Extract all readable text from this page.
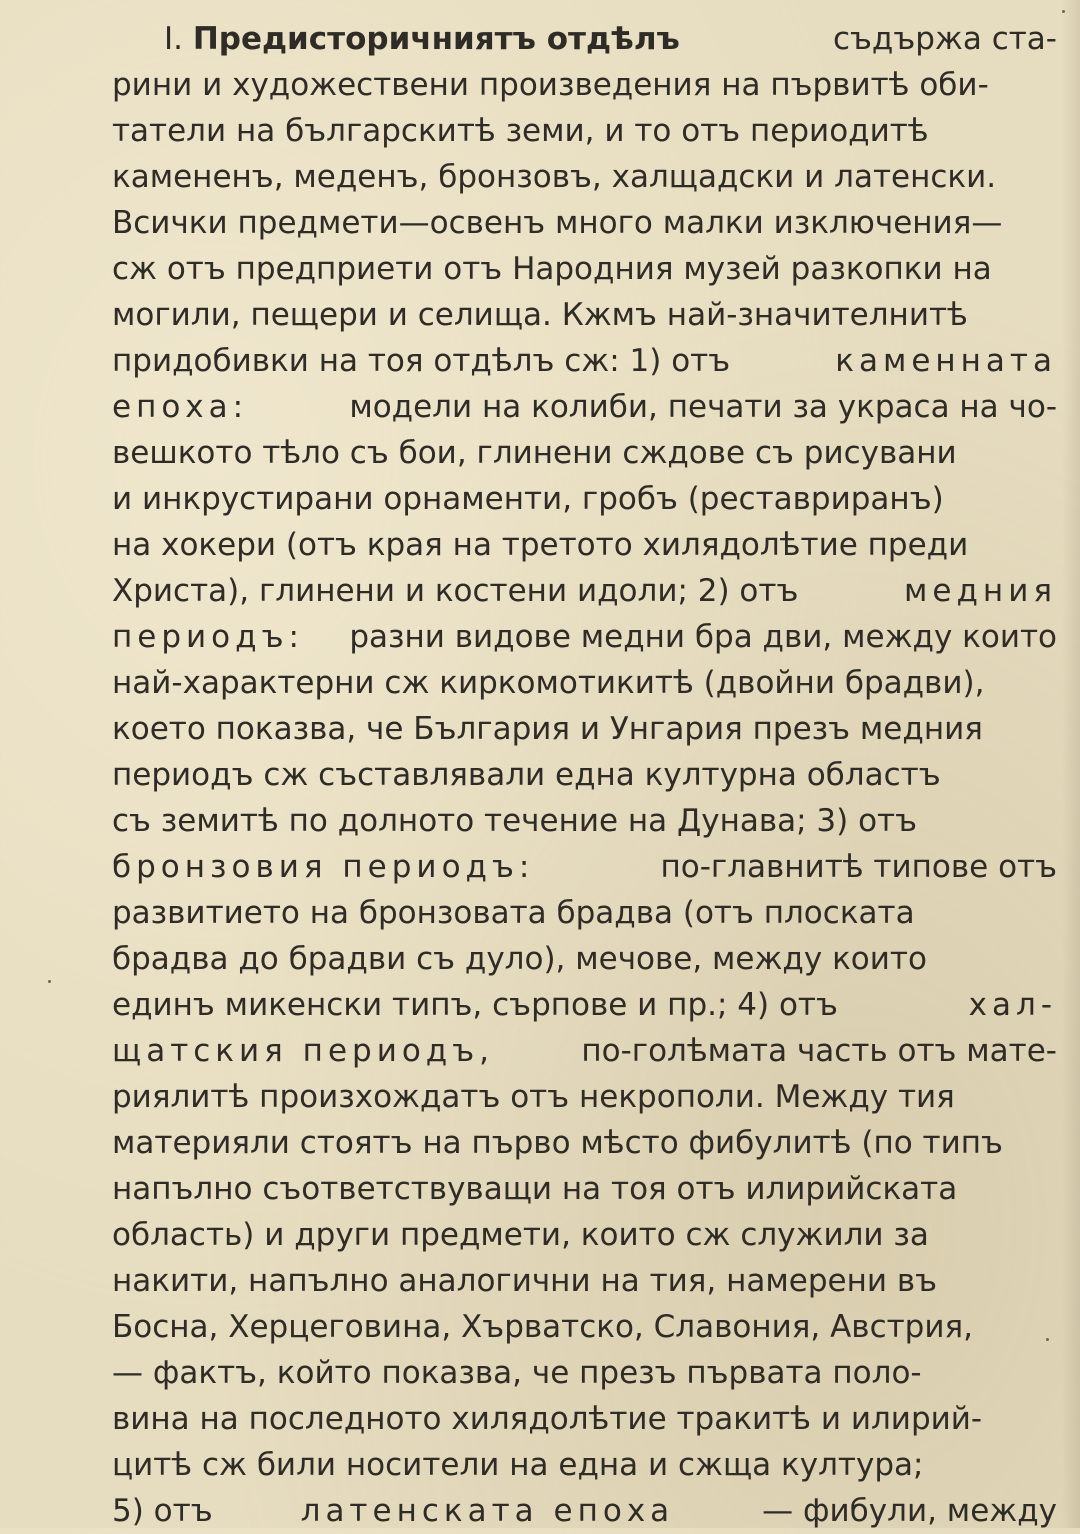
I. Предисторичниятъ отдѣлъ	съдържа ста-
рини и художествени произведения на първитѣ оби-
татели на българскитѣ земи, и то отъ периодитѣ
камененъ, меденъ, бронзовъ, халщадски и латенски.
Всички предмети—освенъ много малки изключения—
сж отъ предприети отъ Народния музей разкопки на
могили, пещери и селища. Кжмъ най-значителнитѣ
придобивки на тоя отдѣлъ сж: 1) отъ	каменната
епоха:	модели на колиби, печати за украса на чо-
вешкото тѣло съ бои, глинени сждове съ рисувани
и инкрустирани орнаменти, гробъ (реставриранъ)
на хокери (отъ края на третото хилядолѣтие преди
Христа), глинени и костени идоли; 2) отъ	медния
периодъ: разни видове медни бра дви, между които
най-характерни сж киркомотикитѣ (двойни брадви),
което показва, че България и Унгария презъ медния
периодъ сж съставлявали една културна областъ
съ земитѣ по долното течение на Дунава; 3) отъ
бронзовия периодъ:	по-главнитѣ типове отъ
развитието на бронзовата брадва (отъ плоската
брадва до брадви съ дуло), мечове, между които
единъ микенски типъ, сърпове и пр.; 4) отъ	хал-
щатския периодъ,	по-голѣмата часть отъ мате-
риялитѣ произхождатъ отъ некрополи. Между тия
материяли стоятъ на първо мѣсто фибулитѣ (по типъ
напълно съответствуващи на тоя отъ илирийската
область) и други предмети, които сж служили за
накити, напълно аналогични на тия, намерени въ
Босна, Херцеговина, Хърватско, Славония, Австрия,
— фактъ, който показва, че презъ първата поло-
вина на последното хилядолѣтие тракитѣ и илирий-
цитѣ сж били носители на една и сжща култура;
5) отъ	латенската епоха	— фибули, между
